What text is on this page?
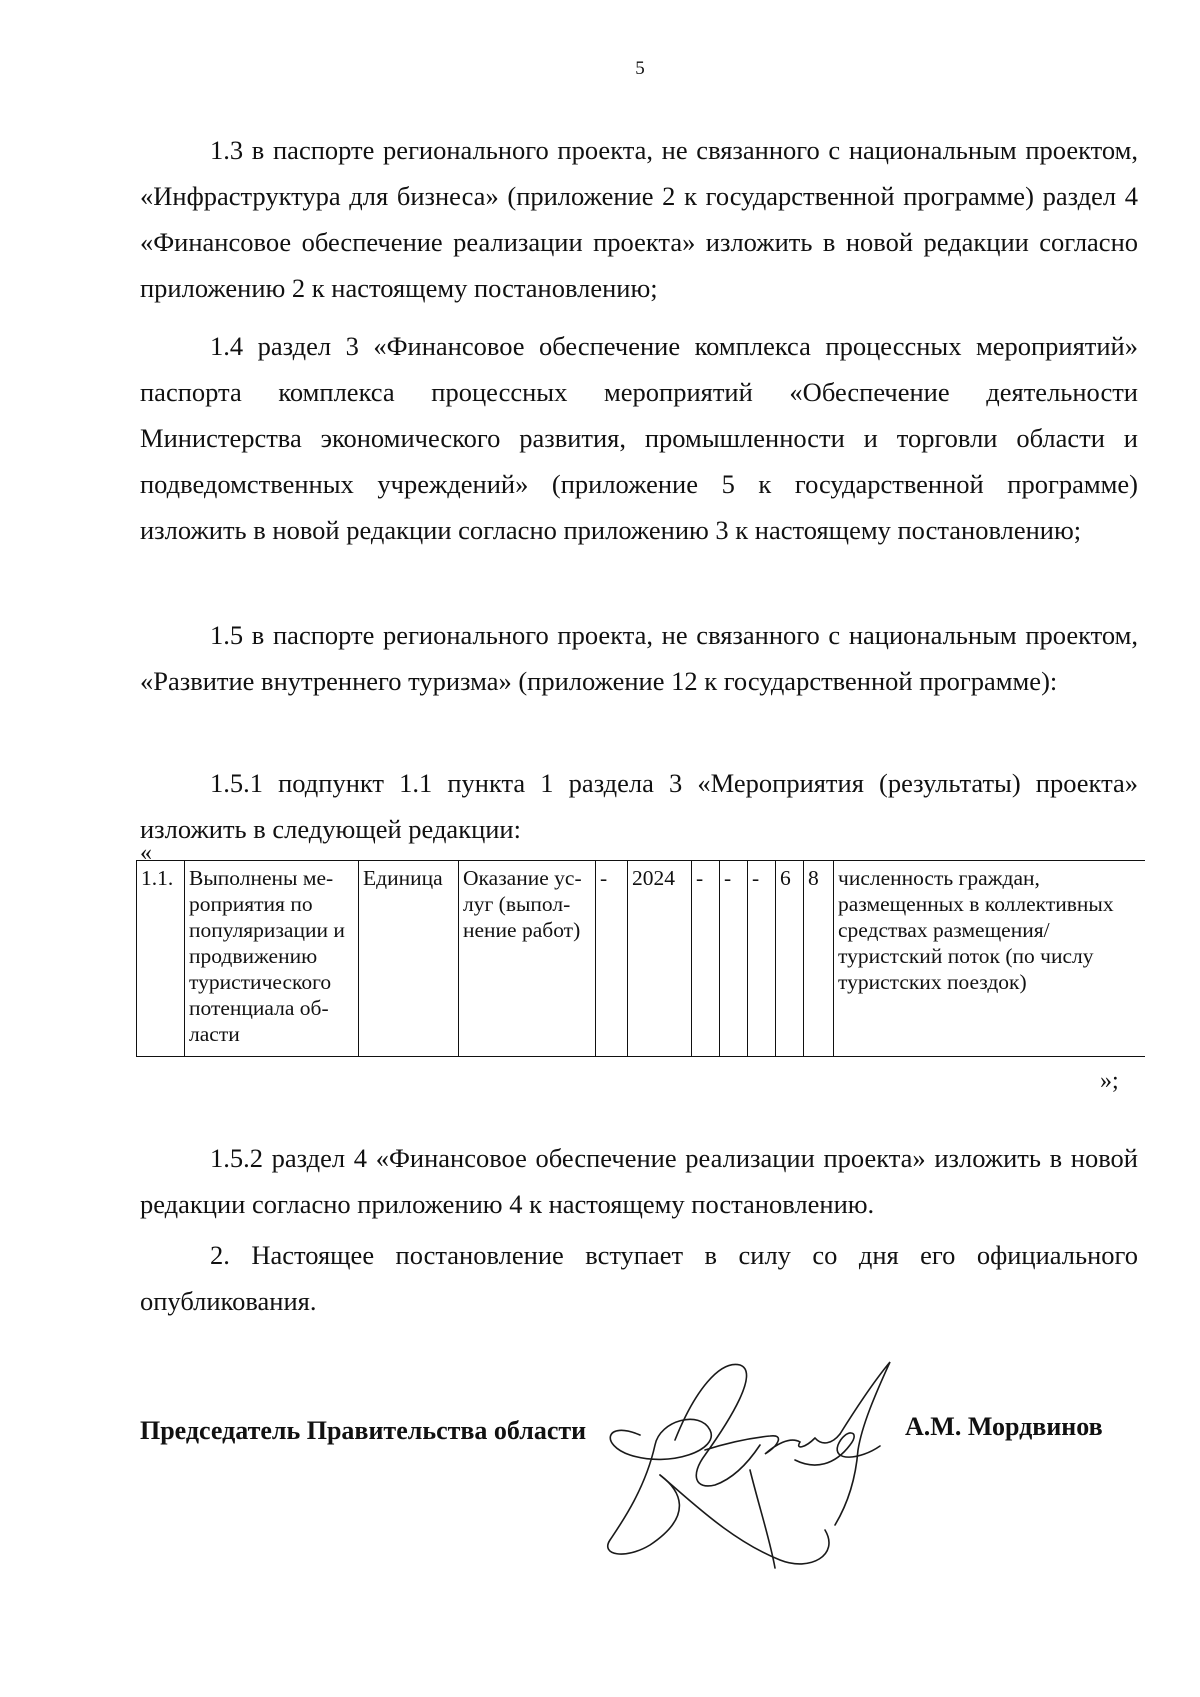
5

1.3 в паспорте регионального проекта, не связанного с национальным проектом, «Инфраструктура для бизнеса» (приложение 2 к государственной программе) раздел 4 «Финансовое обеспечение реализации проекта» изложить в новой редакции согласно приложению 2 к настоящему постановлению;

1.4 раздел 3 «Финансовое обеспечение комплекса процессных мероприятий» паспорта комплекса процессных мероприятий «Обеспечение деятельности Министерства экономического развития, промышленности и торговли области и подведомственных учреждений» (приложение 5 к государственной программе) изложить в новой редакции согласно приложению 3 к настоящему постановлению;

1.5 в паспорте регионального проекта, не связанного с национальным проектом, «Развитие внутреннего туризма» (приложение 12 к государственной программе):

1.5.1 подпункт 1.1 пункта 1 раздела 3 «Мероприятия (результаты) проекта» изложить в следующей редакции:

«
1.1.	Выполнены мероприятия по популяризации и продвижению туристического потенциала области	Единица	Оказание услуг (выполнение работ)	-	2024	-	-	-	6	8	численность граждан, размещенных в коллективных средствах размещения/туристский поток (по числу туристских поездок)
»;

1.5.2 раздел 4 «Финансовое обеспечение реализации проекта» изложить в новой редакции согласно приложению 4 к настоящему постановлению.

2. Настоящее постановление вступает в силу со дня его официального опубликования.

Председатель Правительства области	А.М. Мордвинов
